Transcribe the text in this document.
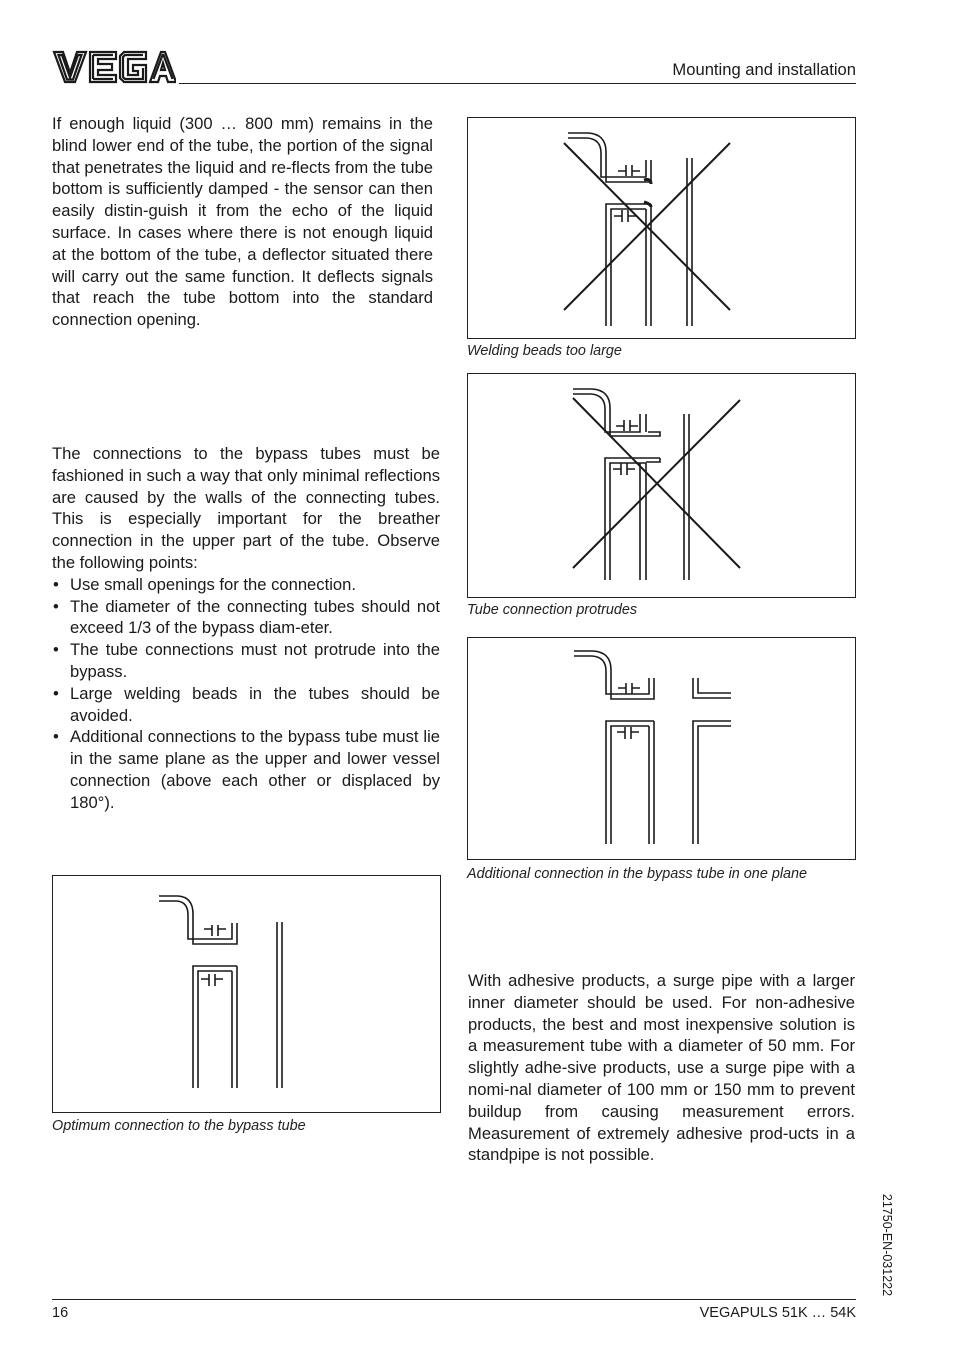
Mounting and installation

If enough liquid (300 … 800 mm) remains in the blind lower end of the tube, the portion of the signal that penetrates the liquid and re-flects from the tube bottom is sufficiently damped - the sensor can then easily distin-guish it from the echo of the liquid surface. In cases where there is not enough liquid at the bottom of the tube, a deflector situated there will carry out the same function. It deflects signals that reach the tube bottom into the standard connection opening.

The connections to the bypass tubes must be fashioned in such a way that only minimal reflections are caused by the walls of the connecting tubes. This is especially important for the breather connection in the upper part of the tube. Observe the following points:

• Use small openings for the connection.
• The diameter of the connecting tubes should not exceed 1/3 of the bypass diam-eter.
• The tube connections must not protrude into the bypass.
• Large welding beads in the tubes should be avoided.
• Additional connections to the bypass tube must lie in the same plane as the upper and lower vessel connection (above each other or displaced by 180°).
Optimum connection to the bypass tube
Welding beads too large
Tube connection protrudes
Additional connection in the bypass tube in one plane

With adhesive products, a surge pipe with a larger inner diameter should be used. For non-adhesive products, the best and most inexpensive solution is a measurement tube with a diameter of 50 mm. For slightly adhe-sive products, use a surge pipe with a nomi-nal diameter of 100 mm or 150 mm to prevent buildup from causing measurement errors. Measurement of extremely adhesive prod-ucts in a standpipe is not possible.

21750-EN-031222
16	VEGAPULS 51K … 54K
